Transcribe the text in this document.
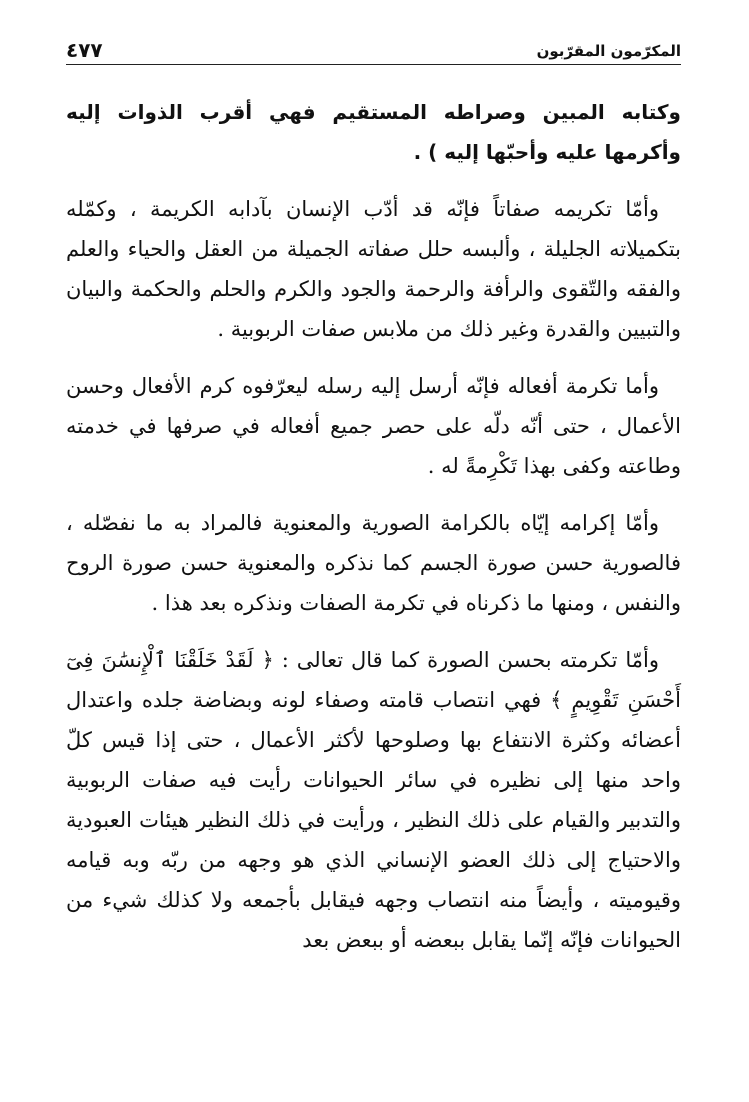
المكرّمون المقرّبون
٤٧٧

وكتابه المبين وصراطه المستقيم فهي أقرب الذوات إليه وأكرمها عليه وأحبّها إليه ) .

وأمّا تكريمه صفاتاً فإنّه قد أدّب الإنسان بآدابه الكريمة ، وكمّله بتكميلاته الجليلة ، وألبسه حلل صفاته الجميلة من العقل والحياء والعلم والفقه والتّقوى والرأفة والرحمة والجود والكرم والحلم والحكمة والبيان والتبيين والقدرة وغير ذلك من ملابس صفات الربوبية .

وأما تكرمة أفعاله فإنّه أرسل إليه رسله ليعرّفوه كرم الأفعال وحسن الأعمال ، حتى أنّه دلّه على حصر جميع أفعاله في صرفها في خدمته وطاعته وكفى بهذا تَكْرِمةً له .

وأمّا إكرامه إيّاه بالكرامة الصورية والمعنوية فالمراد به ما نفصّله ، فالصورية حسن صورة الجسم كما نذكره والمعنوية حسن صورة الروح والنفس ، ومنها ما ذكرناه في تكرمة الصفات ونذكره بعد هذا .

وأمّا تكرمته بحسن الصورة كما قال تعالى : ﴿ لَقَدْ خَلَقْنَا ٱلْإِنسَٰنَ فِىٓ أَحْسَنِ تَقْوِيمٍ ﴾ فهي انتصاب قامته وصفاء لونه وبضاضة جلده واعتدال أعضائه وكثرة الانتفاع بها وصلوحها لأكثر الأعمال ، حتى إذا قيس كلّ واحد منها إلى نظيره في سائر الحيوانات رأيت فيه صفات الربوبية والتدبير والقيام على ذلك النظير ، ورأيت في ذلك النظير هيئات العبودية والاحتياج إلى ذلك العضو الإنساني الذي هو وجهه من ربّه وبه قيامه وقيوميته ، وأيضاً منه انتصاب وجهه فيقابل بأجمعه ولا كذلك شيء من الحيوانات فإنّه إنّما يقابل ببعضه أو ببعض بعد
